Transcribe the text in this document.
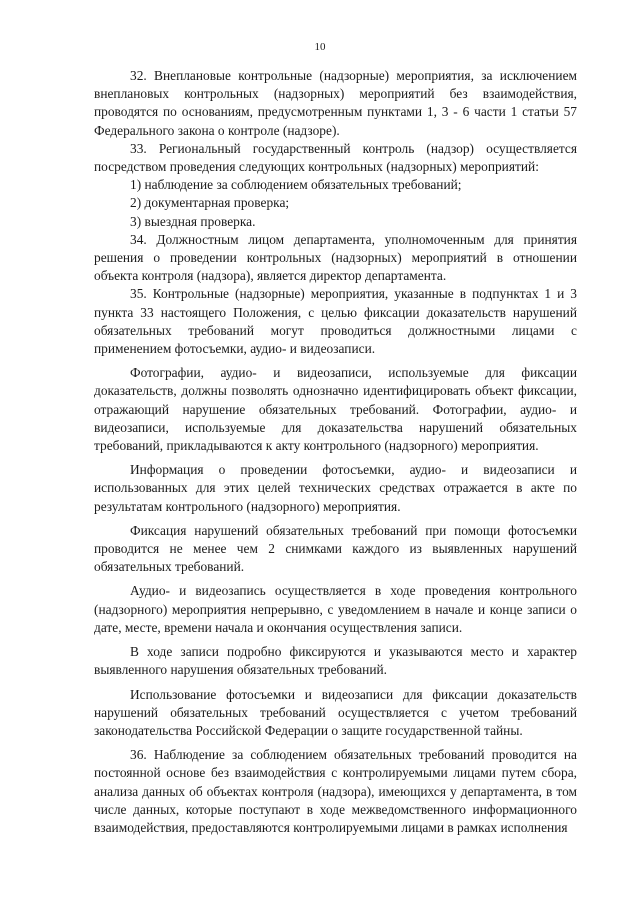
10

32. Внеплановые контрольные (надзорные) мероприятия, за исключением внеплановых контрольных (надзорных) мероприятий без взаимодействия, проводятся по основаниям, предусмотренным пунктами 1, 3 - 6 части 1 статьи 57 Федерального закона о контроле (надзоре).

33. Региональный государственный контроль (надзор) осуществляется посредством проведения следующих контрольных (надзорных) мероприятий:

1) наблюдение за соблюдением обязательных требований;

2) документарная проверка;

3) выездная проверка.

34. Должностным лицом департамента, уполномоченным для принятия решения о проведении контрольных (надзорных) мероприятий в отношении объекта контроля (надзора), является директор департамента.

35. Контрольные (надзорные) мероприятия, указанные в подпунктах 1 и 3 пункта 33 настоящего Положения, с целью фиксации доказательств нарушений обязательных требований могут проводиться должностными лицами с применением фотосъемки, аудио- и видеозаписи.

Фотографии, аудио- и видеозаписи, используемые для фиксации доказательств, должны позволять однозначно идентифицировать объект фиксации, отражающий нарушение обязательных требований. Фотографии, аудио- и видеозаписи, используемые для доказательства нарушений обязательных требований, прикладываются к акту контрольного (надзорного) мероприятия.

Информация о проведении фотосъемки, аудио- и видеозаписи и использованных для этих целей технических средствах отражается в акте по результатам контрольного (надзорного) мероприятия.

Фиксация нарушений обязательных требований при помощи фотосъемки проводится не менее чем 2 снимками каждого из выявленных нарушений обязательных требований.

Аудио- и видеозапись осуществляется в ходе проведения контрольного (надзорного) мероприятия непрерывно, с уведомлением в начале и конце записи о дате, месте, времени начала и окончания осуществления записи.

В ходе записи подробно фиксируются и указываются место и характер выявленного нарушения обязательных требований.

Использование фотосъемки и видеозаписи для фиксации доказательств нарушений обязательных требований осуществляется с учетом требований законодательства Российской Федерации о защите государственной тайны.

36. Наблюдение за соблюдением обязательных требований проводится на постоянной основе без взаимодействия с контролируемыми лицами путем сбора, анализа данных об объектах контроля (надзора), имеющихся у департамента, в том числе данных, которые поступают в ходе межведомственного информационного взаимодействия, предоставляются контролируемыми лицами в рамках исполнения
